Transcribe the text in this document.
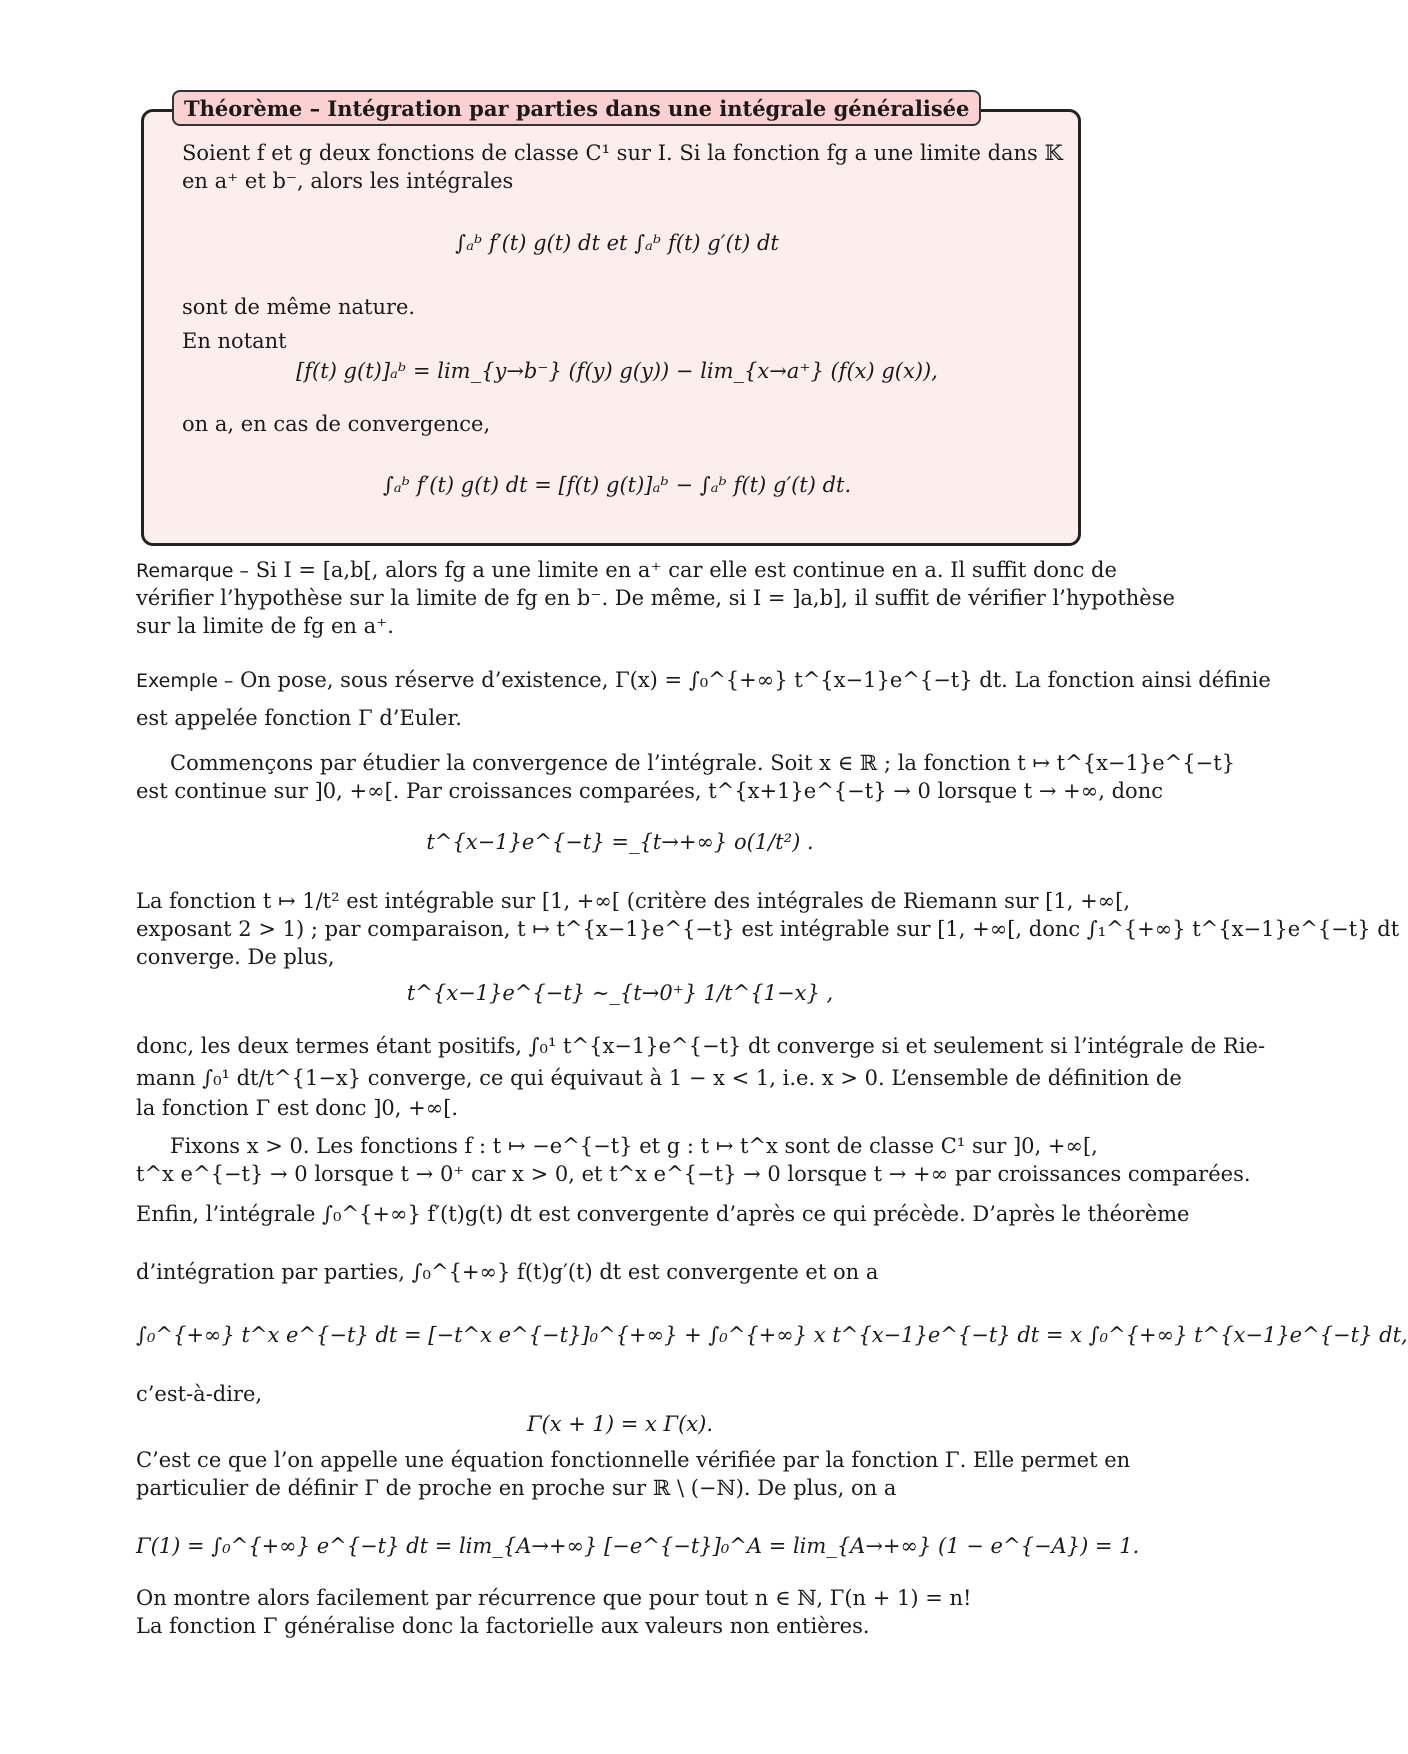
Théorème – Intégration par parties dans une intégrale généralisée
Soient f et g deux fonctions de classe C¹ sur I. Si la fonction fg a une limite dans 𝕂
en a⁺ et b⁻, alors les intégrales
∫ₐᵇ f′(t) g(t) dt et ∫ₐᵇ f(t) g′(t) dt
sont de même nature.
En notant
[f(t) g(t)]ₐᵇ = lim_{y→b⁻} (f(y) g(y)) − lim_{x→a⁺} (f(x) g(x)),
on a, en cas de convergence,
∫ₐᵇ f′(t) g(t) dt = [f(t) g(t)]ₐᵇ − ∫ₐᵇ f(t) g′(t) dt.
Remarque – Si I = [a,b[, alors fg a une limite en a⁺ car elle est continue en a. Il suffit donc de
vérifier l’hypothèse sur la limite de fg en b⁻. De même, si I = ]a,b], il suffit de vérifier l’hypothèse
sur la limite de fg en a⁺.
Exemple – On pose, sous réserve d’existence, Γ(x) = ∫₀^{+∞} t^{x−1}e^{−t} dt. La fonction ainsi définie
est appelée fonction Γ d’Euler.
Commençons par étudier la convergence de l’intégrale. Soit x ∈ ℝ ; la fonction t ↦ t^{x−1}e^{−t}
est continue sur ]0, +∞[. Par croissances comparées, t^{x+1}e^{−t} → 0 lorsque t → +∞, donc
t^{x−1}e^{−t} =_{t→+∞} o(1/t²) .
La fonction t ↦ 1/t² est intégrable sur [1, +∞[ (critère des intégrales de Riemann sur [1, +∞[,
exposant 2 > 1) ; par comparaison, t ↦ t^{x−1}e^{−t} est intégrable sur [1, +∞[, donc ∫₁^{+∞} t^{x−1}e^{−t} dt
converge. De plus,
t^{x−1}e^{−t} ∼_{t→0⁺} 1/t^{1−x} ,
donc, les deux termes étant positifs, ∫₀¹ t^{x−1}e^{−t} dt converge si et seulement si l’intégrale de Rie-
mann ∫₀¹ dt/t^{1−x} converge, ce qui équivaut à 1 − x < 1, i.e. x > 0. L’ensemble de définition de
la fonction Γ est donc ]0, +∞[.
Fixons x > 0. Les fonctions f : t ↦ −e^{−t} et g : t ↦ t^x sont de classe C¹ sur ]0, +∞[,
t^x e^{−t} → 0 lorsque t → 0⁺ car x > 0, et t^x e^{−t} → 0 lorsque t → +∞ par croissances comparées.
Enfin, l’intégrale ∫₀^{+∞} f′(t)g(t) dt est convergente d’après ce qui précède. D’après le théorème
d’intégration par parties, ∫₀^{+∞} f(t)g′(t) dt est convergente et on a
∫₀^{+∞} t^x e^{−t} dt = [−t^x e^{−t}]₀^{+∞} + ∫₀^{+∞} x t^{x−1}e^{−t} dt = x ∫₀^{+∞} t^{x−1}e^{−t} dt,
c’est-à-dire,
Γ(x + 1) = x Γ(x).
C’est ce que l’on appelle une équation fonctionnelle vérifiée par la fonction Γ. Elle permet en
particulier de définir Γ de proche en proche sur ℝ \ (−ℕ). De plus, on a
Γ(1) = ∫₀^{+∞} e^{−t} dt = lim_{A→+∞} [−e^{−t}]₀^A = lim_{A→+∞} (1 − e^{−A}) = 1.
On montre alors facilement par récurrence que pour tout n ∈ ℕ, Γ(n + 1) = n!
La fonction Γ généralise donc la factorielle aux valeurs non entières.
